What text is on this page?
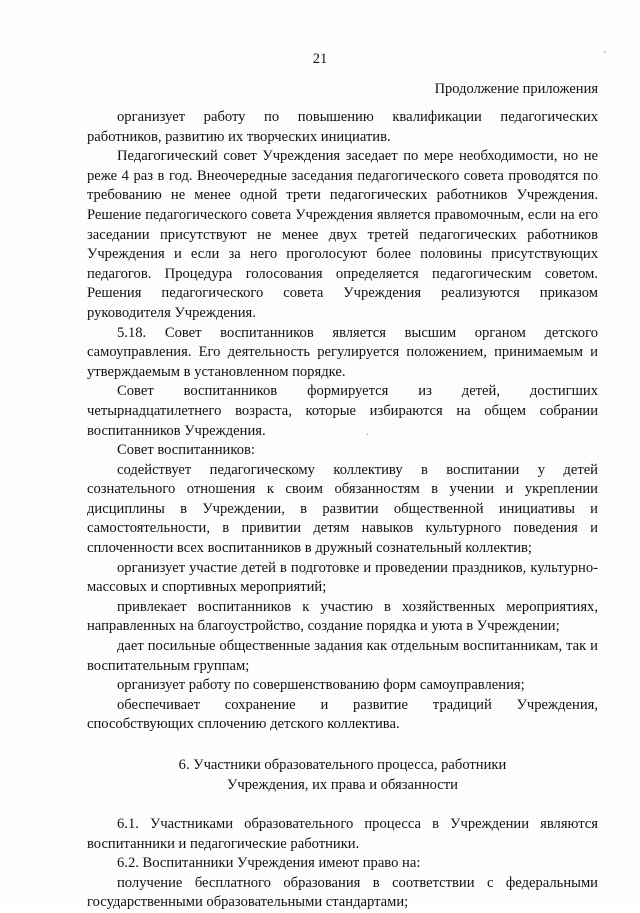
21
Продолжение приложения

организует работу по повышению квалификации педагогических работников, развитию их творческих инициатив.

Педагогический совет Учреждения заседает по мере необходимости, но не реже 4 раз в год. Внеочередные заседания педагогического совета проводятся по требованию не менее одной трети педагогических работников Учреждения. Решение педагогического совета Учреждения является правомочным, если на его заседании присутствуют не менее двух третей педагогических работников Учреждения и если за него проголосуют более половины присутствующих педагогов. Процедура голосования определяется педагогическим советом. Решения педагогического совета Учреждения реализуются приказом руководителя Учреждения.

5.18. Совет воспитанников является высшим органом детского самоуправления. Его деятельность регулируется положением, принимаемым и утверждаемым в установленном порядке.

Совет воспитанников формируется из детей, достигших четырнадцатилетнего возраста, которые избираются на общем собрании воспитанников Учреждения.

Совет воспитанников:

содействует педагогическому коллективу в воспитании у детей сознательного отношения к своим обязанностям в учении и укреплении дисциплины в Учреждении, в развитии общественной инициативы и самостоятельности, в привитии детям навыков культурного поведения и сплоченности всех воспитанников в дружный сознательный коллектив;

организует участие детей в подготовке и проведении праздников, культурно-массовых и спортивных мероприятий;

привлекает воспитанников к участию в хозяйственных мероприятиях, направленных на благоустройство, создание порядка и уюта в Учреждении;

дает посильные общественные задания как отдельным воспитанникам, так и воспитательным группам;

организует работу по совершенствованию форм самоуправления;

обеспечивает сохранение и развитие традиций Учреждения, способствующих сплочению детского коллектива.

6. Участники образовательного процесса, работники
Учреждения, их права и обязанности

6.1. Участниками образовательного процесса в Учреждении являются воспитанники и педагогические работники.

6.2. Воспитанники Учреждения имеют право на:

получение бесплатного образования в соответствии с федеральными государственными образовательными стандартами;

'
.
